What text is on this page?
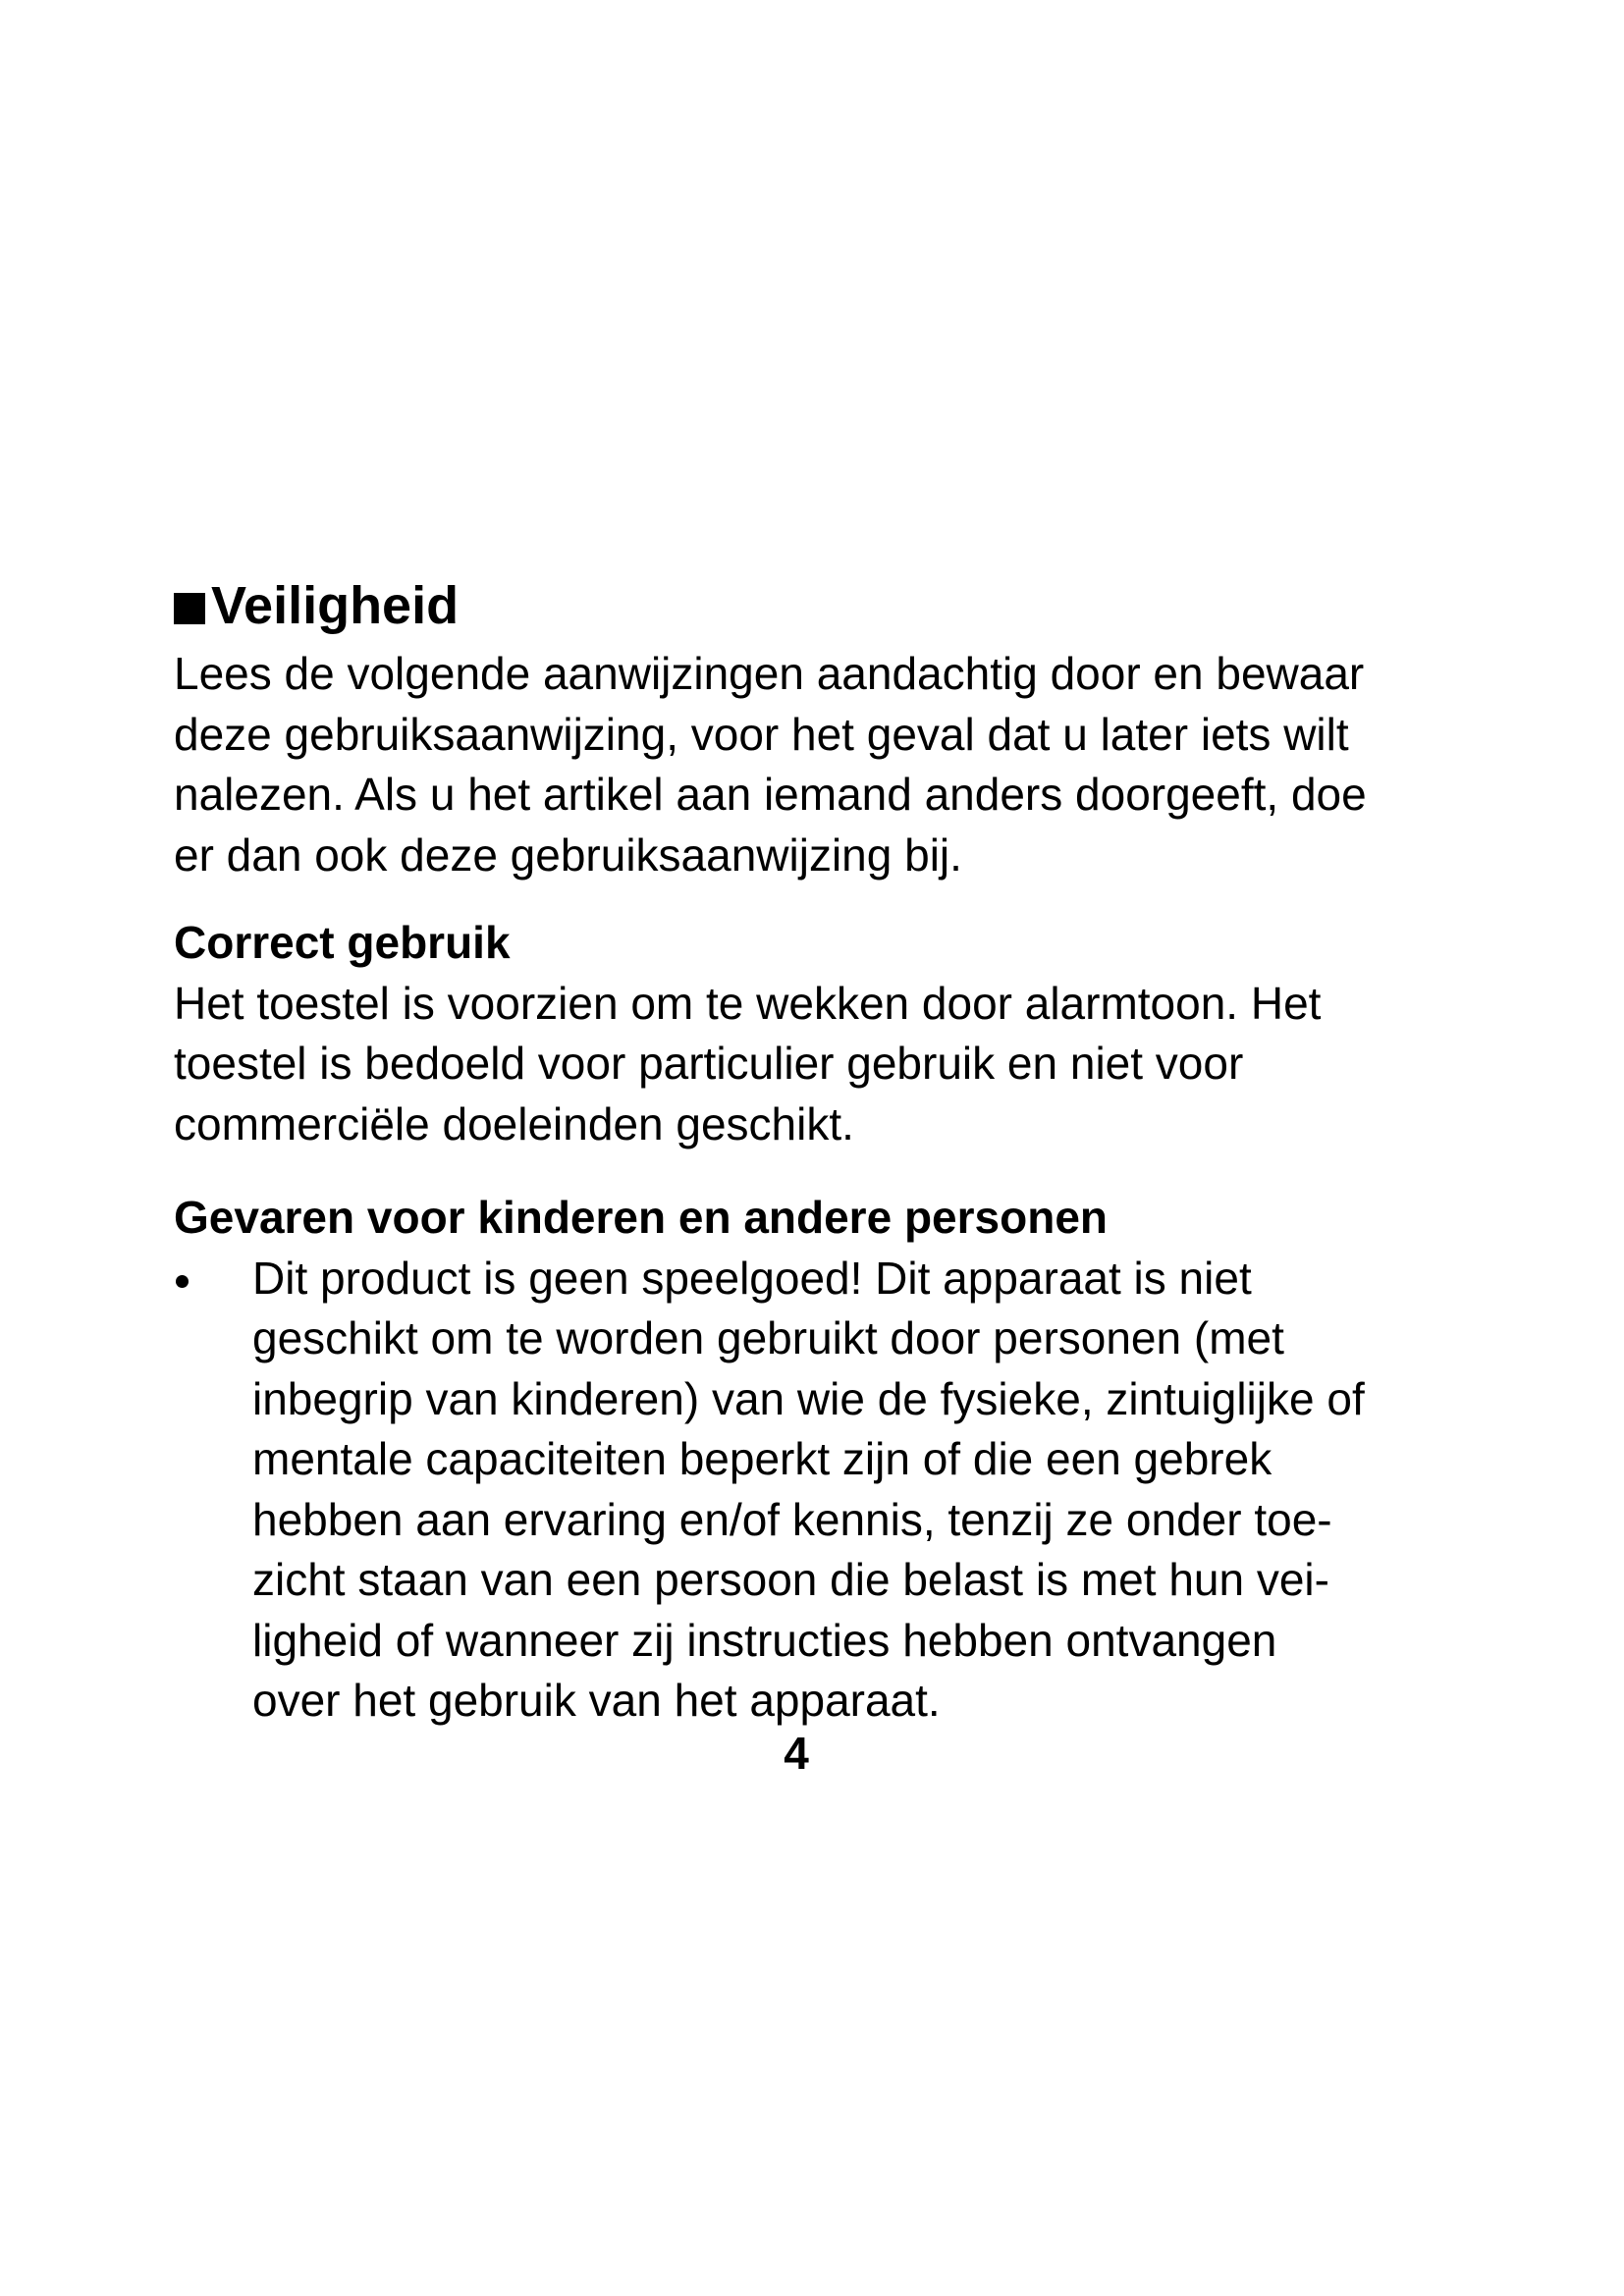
Veiligheid

Lees de volgende aanwijzingen aandachtig door en bewaar
deze gebruiksaanwijzing, voor het geval dat u later iets wilt
nalezen. Als u het artikel aan iemand anders doorgeeft, doe
er dan ook deze gebruiksaanwijzing bij.

Correct gebruik

Het toestel is voorzien om te wekken door alarmtoon. Het
toestel is bedoeld voor particulier gebruik en niet voor
commerciële doeleinden geschikt.

Gevaren voor kinderen en andere personen
Dit product is geen speelgoed! Dit apparaat is niet
geschikt om te worden gebruikt door personen (met
inbegrip van kinderen) van wie de fysieke, zintuiglijke of
mentale capaciteiten beperkt zijn of die een gebrek
hebben aan ervaring en/of kennis, tenzij ze onder toe-
zicht staan van een persoon die belast is met hun vei-
ligheid of wanneer zij instructies hebben ontvangen
over het gebruik van het apparaat.
4
